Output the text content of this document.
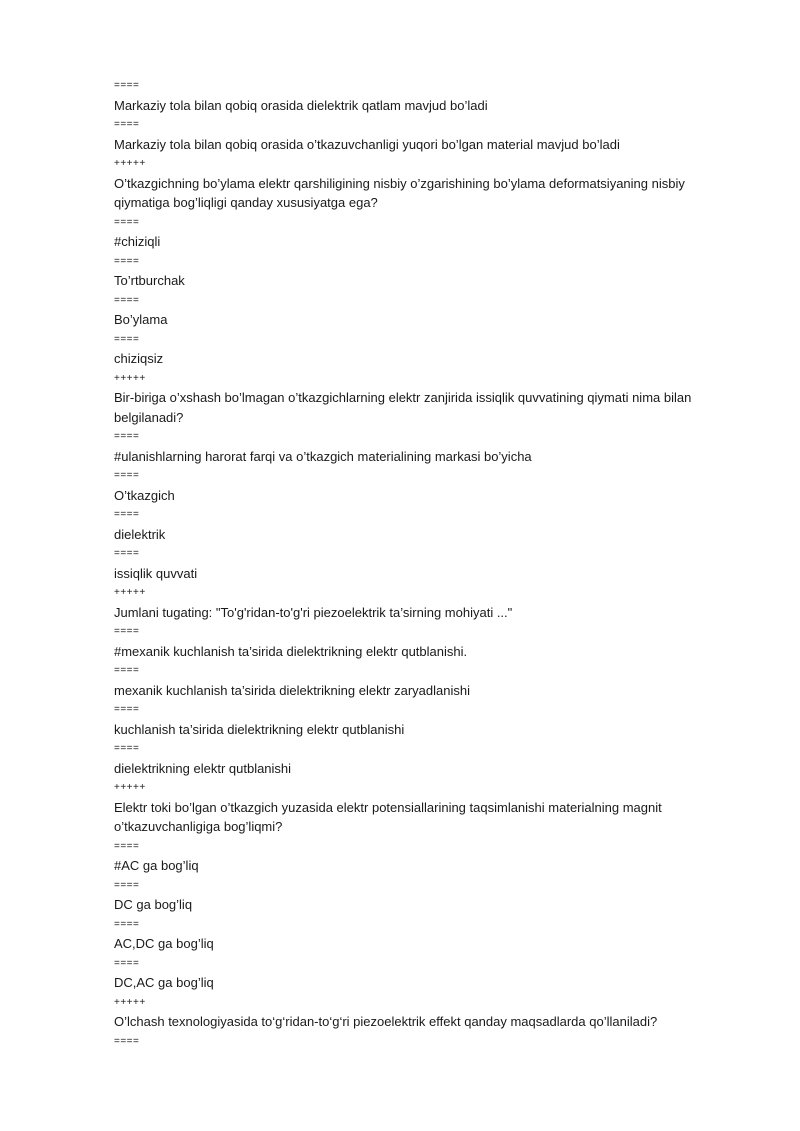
====

Markaziy tola bilan qobiq orasida dielektrik qatlam mavjud bo’ladi

====

Markaziy tola bilan qobiq orasida o’tkazuvchanligi yuqori bo’lgan material mavjud bo’ladi

+++++

O’tkazgichning bo’ylama elektr qarshiligining nisbiy o’zgarishining bo’ylama deformatsiyaning nisbiy qiymatiga bog’liqligi qanday xususiyatga ega?

====

#chiziqli

====

To’rtburchak

====

Bo’ylama

====

chiziqsiz

+++++

Bir-biriga o’xshash bo’lmagan o’tkazgichlarning elektr zanjirida issiqlik quvvatining qiymati nima bilan belgilanadi?

====

#ulanishlarning harorat farqi va o’tkazgich materialining markasi bo’yicha

====

O’tkazgich

====

dielektrik

====

issiqlik quvvati

+++++

Jumlani tugating: "To'g'ridan-to'g'ri piezoelektrik ta’sirning mohiyati ..."

====

#mexanik kuchlanish ta’sirida dielektrikning elektr qutblanishi.

====

mexanik kuchlanish ta’sirida dielektrikning elektr zaryadlanishi

====

kuchlanish ta’sirida dielektrikning elektr qutblanishi

====

dielektrikning elektr qutblanishi

+++++

Elektr toki bo’lgan o’tkazgich yuzasida elektr potensiallarining taqsimlanishi materialning magnit o’tkazuvchanligiga bog’liqmi?

====

#AC ga bog’liq

====

DC ga bog’liq

====

AC,DC ga bog’liq

====

DC,AC ga bog’liq

+++++

O’lchash texnologiyasida to‘g‘ridan-to‘g‘ri piezoelektrik effekt qanday maqsadlarda qo’llaniladi?

====
